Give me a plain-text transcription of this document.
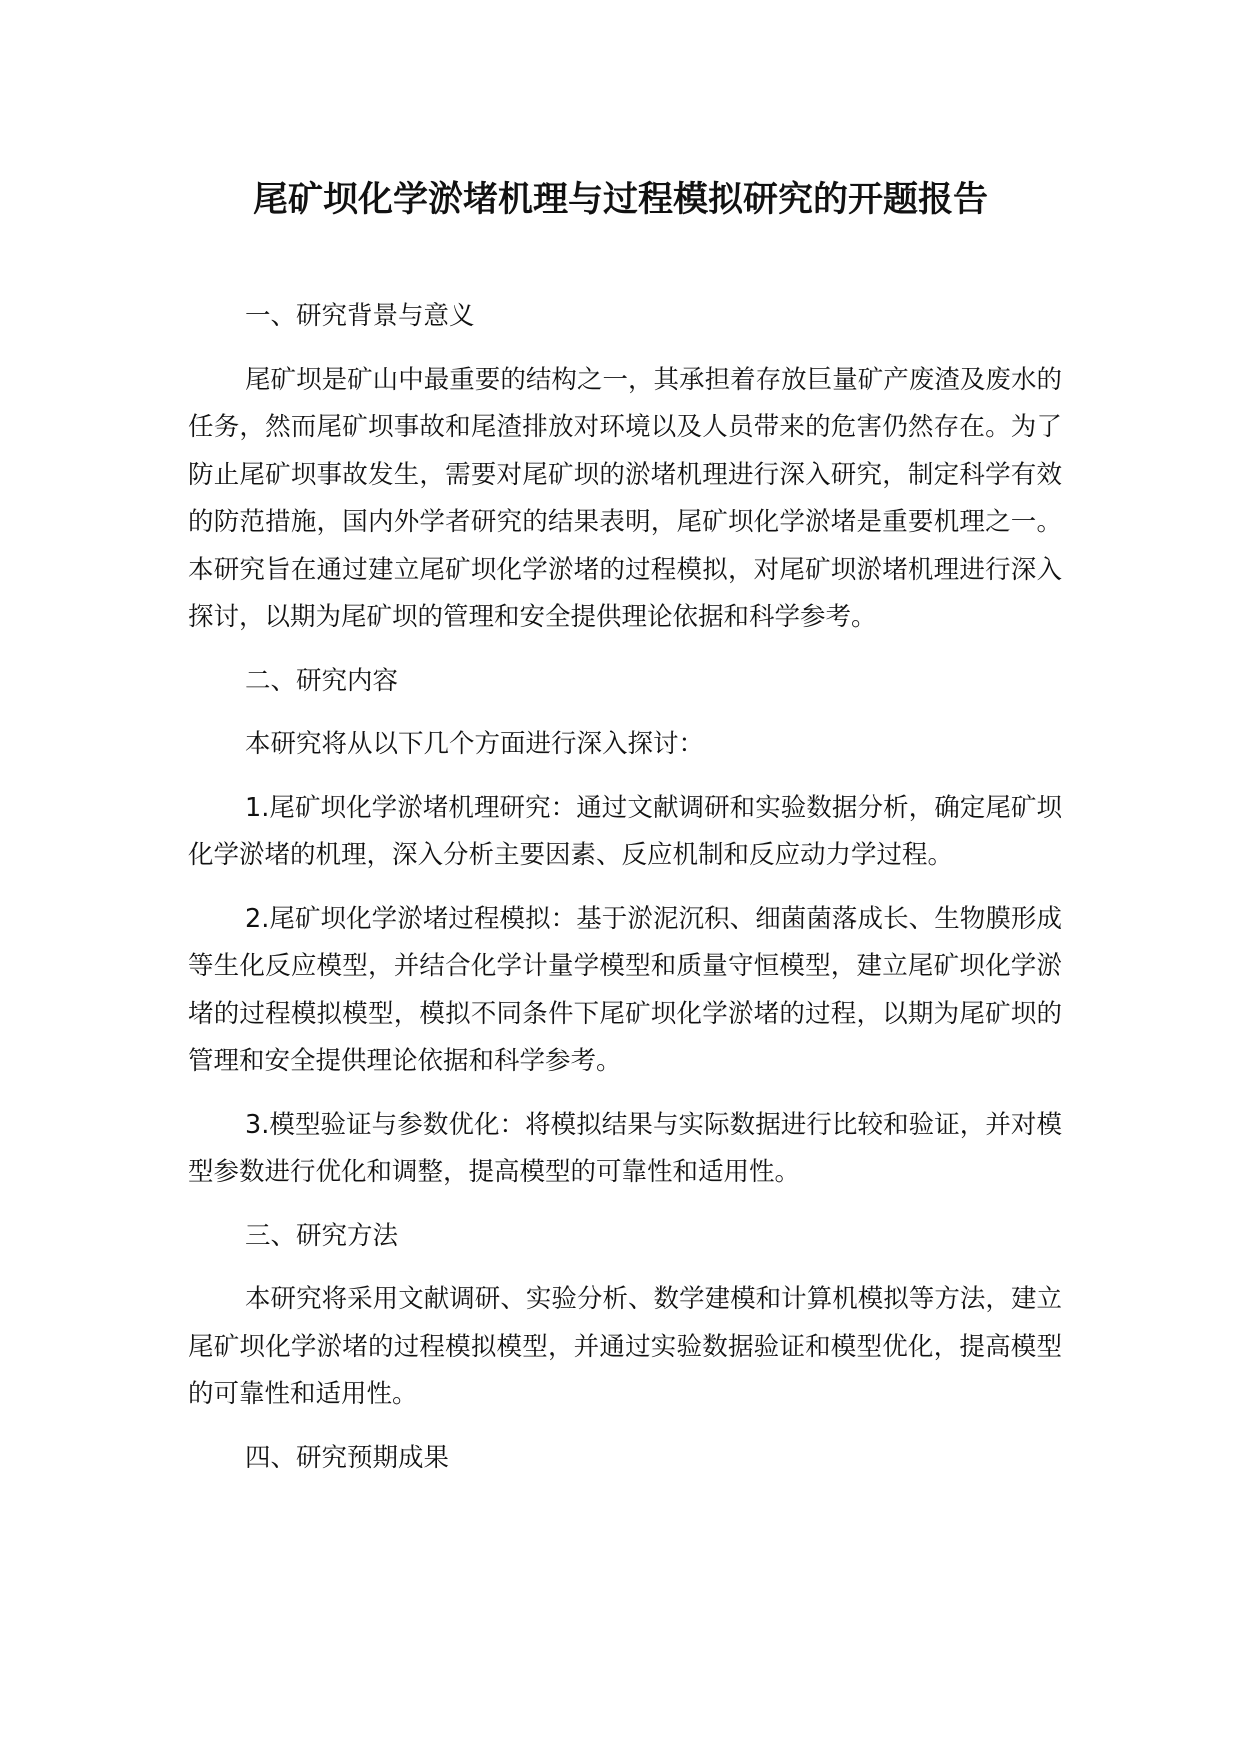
尾矿坝化学淤堵机理与过程模拟研究的开题报告

一、研究背景与意义

尾矿坝是矿山中最重要的结构之一，其承担着存放巨量矿产废渣及废水的任务，然而尾矿坝事故和尾渣排放对环境以及人员带来的危害仍然存在。为了防止尾矿坝事故发生，需要对尾矿坝的淤堵机理进行深入研究，制定科学有效的防范措施，国内外学者研究的结果表明，尾矿坝化学淤堵是重要机理之一。本研究旨在通过建立尾矿坝化学淤堵的过程模拟，对尾矿坝淤堵机理进行深入探讨，以期为尾矿坝的管理和安全提供理论依据和科学参考。

二、研究内容

本研究将从以下几个方面进行深入探讨：

1.尾矿坝化学淤堵机理研究：通过文献调研和实验数据分析，确定尾矿坝化学淤堵的机理，深入分析主要因素、反应机制和反应动力学过程。

2.尾矿坝化学淤堵过程模拟：基于淤泥沉积、细菌菌落成长、生物膜形成等生化反应模型，并结合化学计量学模型和质量守恒模型，建立尾矿坝化学淤堵的过程模拟模型，模拟不同条件下尾矿坝化学淤堵的过程，以期为尾矿坝的管理和安全提供理论依据和科学参考。

3.模型验证与参数优化：将模拟结果与实际数据进行比较和验证，并对模型参数进行优化和调整，提高模型的可靠性和适用性。

三、研究方法

本研究将采用文献调研、实验分析、数学建模和计算机模拟等方法，建立尾矿坝化学淤堵的过程模拟模型，并通过实验数据验证和模型优化，提高模型的可靠性和适用性。

四、研究预期成果
